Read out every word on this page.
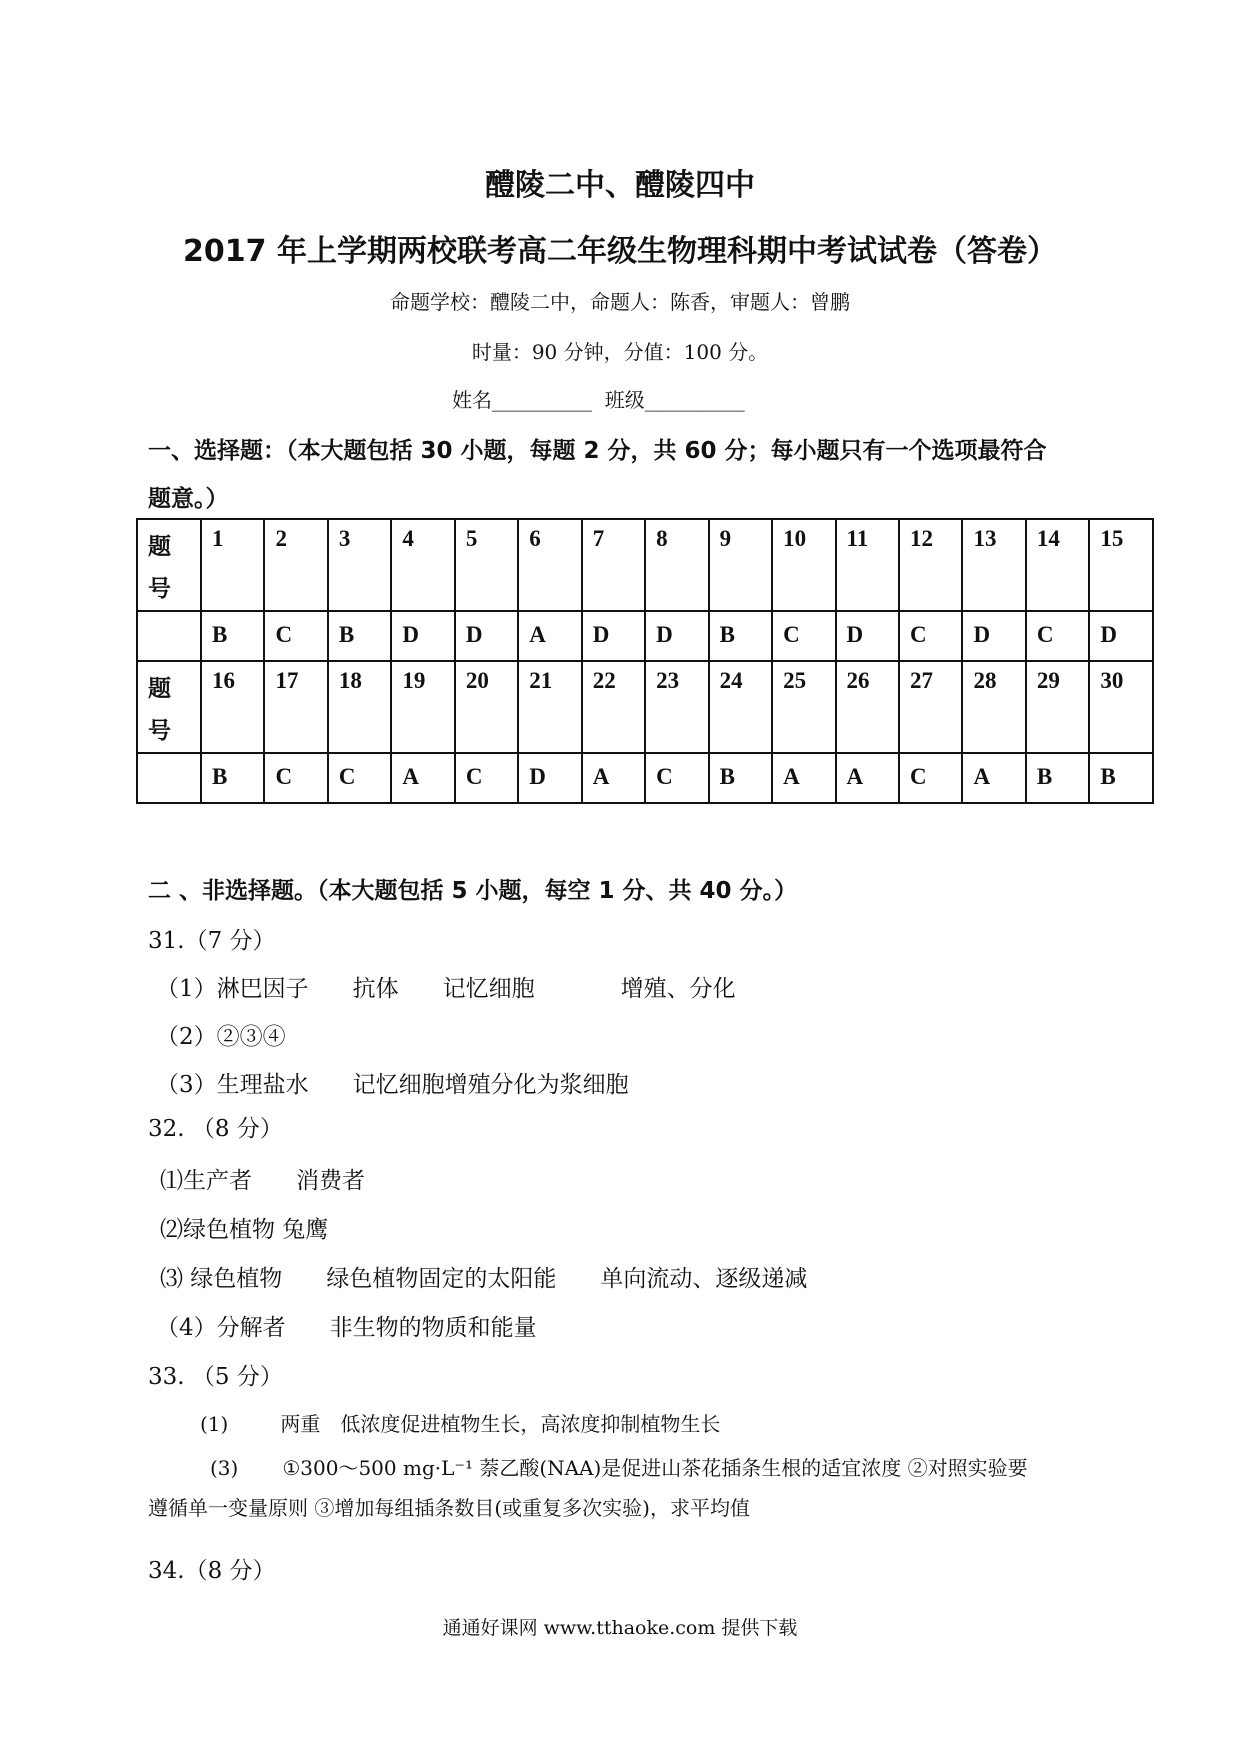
醴陵二中、醴陵四中
2017 年上学期两校联考高二年级生物理科期中考试试卷（答卷）
命题学校：醴陵二中，命题人：陈香，审题人：曾鹏
时量：90 分钟，分值：100 分。
姓名__________ 班级__________
一、选择题：（本大题包括 30 小题，每题 2 分，共 60 分；每小题只有一个选项最符合
题意。）
题
号	1	2	3	4	5	6	7	8	9	10	11	12	13	14	15
	B	C	B	D	D	A	D	D	B	C	D	C	D	C	D
题
号	16	17	18	19	20	21	22	23	24	25	26	27	28	29	30
	B	C	C	A	C	D	A	C	B	A	A	C	A	B	B
二 、非选择题。（本大题包括 5 小题，每空 1 分、共 40 分。）
31.（7 分）
（1）淋巴因子 抗体 记忆细胞	增殖、分化
（2）②③④
（3）生理盐水 记忆细胞增殖分化为浆细胞
32. （8 分）
⑴生产者 消费者
⑵绿色植物 兔鹰
⑶ 绿色植物 绿色植物固定的太阳能 单向流动、逐级递减
（4）分解者 非生物的物质和能量
33. （5 分）
(1)	两重 低浓度促进植物生长，高浓度抑制植物生长
(3) ①300～500 mg·L⁻¹ 萘乙酸(NAA)是促进山茶花插条生根的适宜浓度 ②对照实验要
遵循单一变量原则 ③增加每组插条数目(或重复多次实验)，求平均值
34.（8 分）
通通好课网 www.tthaoke.com 提供下载
